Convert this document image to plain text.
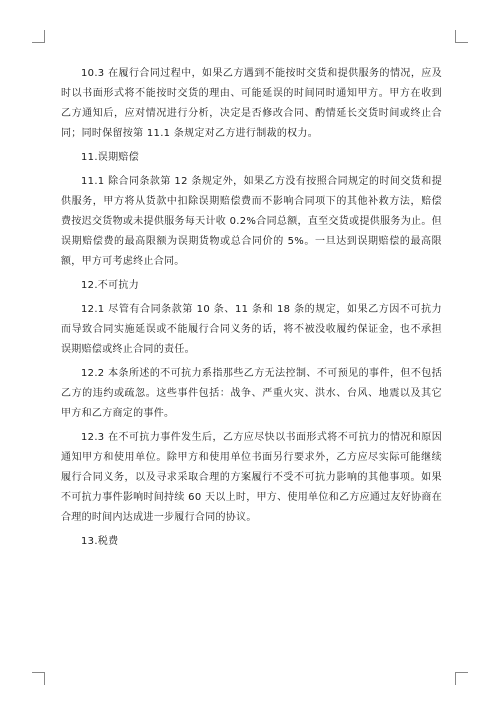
10.3 在履行合同过程中，如果乙方遇到不能按时交货和提供服务的情况，应及时以书面形式将不能按时交货的理由、可能延误的时间同时通知甲方。甲方在收到乙方通知后，应对情况进行分析，决定是否修改合同、酌情延长交货时间或终止合同；同时保留按第 11.1 条规定对乙方进行制裁的权力。

11.误期赔偿

11.1 除合同条款第 12 条规定外，如果乙方没有按照合同规定的时间交货和提供服务，甲方将从货款中扣除误期赔偿费而不影响合同项下的其他补救方法，赔偿费按迟交货物或未提供服务每天计收 0.2%合同总额，直至交货或提供服务为止。但误期赔偿费的最高限额为误期货物或总合同价的 5%。一旦达到误期赔偿的最高限额，甲方可考虑终止合同。

12.不可抗力

12.1 尽管有合同条款第 10 条、11 条和 18 条的规定，如果乙方因不可抗力而导致合同实施延误或不能履行合同义务的话，将不被没收履约保证金，也不承担误期赔偿或终止合同的责任。

12.2 本条所述的不可抗力系指那些乙方无法控制、不可预见的事件，但不包括乙方的违约或疏忽。这些事件包括：战争、严重火灾、洪水、台风、地震以及其它甲方和乙方商定的事件。

12.3 在不可抗力事件发生后，乙方应尽快以书面形式将不可抗力的情况和原因通知甲方和使用单位。除甲方和使用单位书面另行要求外，乙方应尽实际可能继续履行合同义务，以及寻求采取合理的方案履行不受不可抗力影响的其他事项。如果不可抗力事件影响时间持续 60 天以上时，甲方、使用单位和乙方应通过友好协商在合理的时间内达成进一步履行合同的协议。

13.税费
